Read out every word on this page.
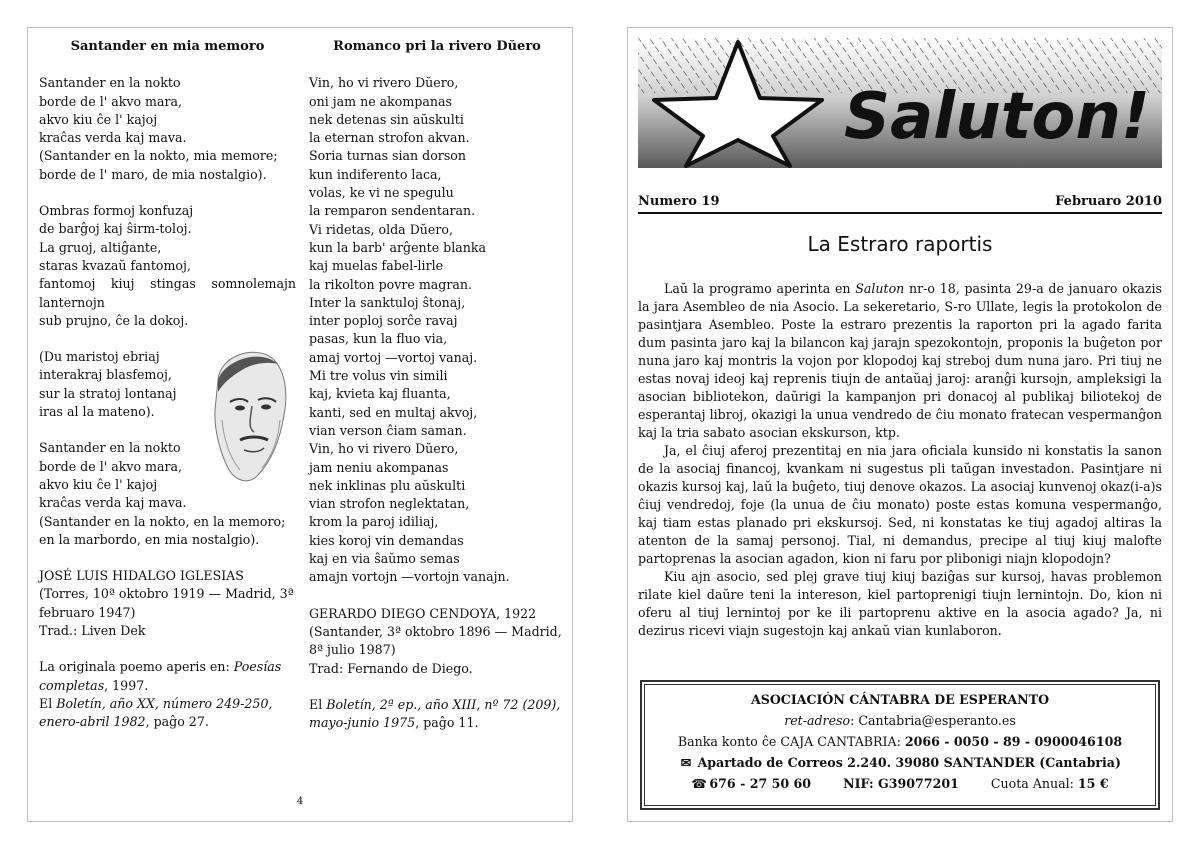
Santander en mia memoro
Santander en la nokto
borde de l' akvo mara,
akvo kiu ĉe l' kajoj
kraĉas verda kaj mava.
(Santander en la nokto, mia memore;
borde de l' maro, de mia nostalgio).
Ombras formoj konfuzaj
de barĝoj kaj ŝirm-toloj.
La gruoj, altiĝante,
staras kvazaŭ fantomoj,
fantomoj kiuj stingas somnolemajn lanternojn
sub prujno, ĉe la dokoj.
(Du maristoj ebriaj
interakraj blasfemoj,
sur la stratoj lontanaj
iras al la mateno).
Santander en la nokto
borde de l' akvo mara,
akvo kiu ĉe l' kajoj
kraĉas verda kaj mava.
(Santander en la nokto, en la memoro;
en la marbordo, en mia nostalgio).
JOSÉ LUIS HIDALGO IGLESIAS
(Torres, 10ª oktobro 1919 — Madrid, 3ª
februaro 1947)
Trad.: Liven Dek
La originala poemo aperis en: Poesías completas, 1997.
El Boletín, año XX, número 249-250, enero-abril 1982, paĝo 27.
Romanco pri la rivero Dŭero
Vin, ho vi rivero Dŭero,
oni jam ne akompanas
nek detenas sin aŭskulti
la eternan strofon akvan.
Soria turnas sian dorson
kun indiferento laca,
volas, ke vi ne spegulu
la remparon sendentaran.
Vi ridetas, olda Dŭero,
kun la barb' arĝente blanka
kaj muelas fabel-lirle
la rikolton povre magran.
Inter la sanktuloj ŝtonaj,
inter poploj sorĉe ravaj
pasas, kun la fluo via,
amaj vortoj —vortoj vanaj.
Mi tre volus vin simili
kaj, kvieta kaj fluanta,
kanti, sed en multaj akvoj,
vian verson ĉiam saman.
Vin, ho vi rivero Dŭero,
jam neniu akompanas
nek inklinas plu aŭskulti
vian strofon neglektatan,
krom la paroj idiliaj,
kies koroj vin demandas
kaj en via ŝaŭmo semas
amajn vortojn —vortojn vanajn.
GERARDO DIEGO CENDOYA, 1922
(Santander, 3ª oktobro 1896 — Madrid,
8ª julio 1987)
Trad: Fernando de Diego.
El Boletín, 2ª ep., año XIII, nº 72 (209), mayo-junio 1975, paĝo 11.
4
Saluton!
Numero 19	Februaro 2010
La Estraro raportis

Laŭ la programo aperinta en Saluton nr-o 18, pasinta 29-a de januaro okazis la jara Asembleo de nia Asocio. La sekeretario, S-ro Ullate, legis la protokolon de pasintjara Asembleo. Poste la estraro prezentis la raporton pri la agado farita dum pasinta jaro kaj la bilancon kaj jarajn spezokontojn, proponis la buĝeton por nuna jaro kaj montris la vojon por klopodoj kaj streboj dum nuna jaro. Pri tiuj ne estas novaj ideoj kaj reprenis tiujn de antaŭaj jaroj: aranĝi kursojn, ampleksigi la asocian bibliotekon, daŭrigi la kampanjon pri donacoj al publikaj biliotekoj de esperantaj libroj, okazigi la unua vendredo de ĉiu monato fratecan vespermanĝon kaj la tria sabato asocian ekskurson, ktp.

Ja, el ĉiuj aferoj prezentitaj en nia jara oficiala kunsido ni konstatis la sanon de la asociaj financoj, kvankam ni sugestus pli taŭgan investadon. Pasintjare ni okazis kursoj kaj, laŭ la buĝeto, tiuj denove okazos. La asociaj kunvenoj okaz(i-a)s ĉiuj vendredoj, foje (la unua de ĉiu monato) poste estas komuna vespermanĝo, kaj tiam estas planado pri ekskursoj. Sed, ni konstatas ke tiuj agadoj altiras la atenton de la samaj personoj. Tial, ni demandus, precipe al tiuj kiuj malofte partoprenas la asocian agadon, kion ni faru por plibonigi niajn klopodojn?

Kiu ajn asocio, sed plej grave tiuj kiuj baziĝas sur kursoj, havas problemon rilate kiel daŭre teni la intereson, kiel partoprenigi tiujn lernintojn. Do, kion ni oferu al tiuj lernintoj por ke ili partoprenu aktive en la asocia agado? Ja, ni dezirus ricevi viajn sugestojn kaj ankaŭ vian kunlaboron.

ASOCIACIÓN CÁNTABRA DE ESPERANTO
ret-adreso: Cantabria@esperanto.es
Banka konto ĉe CAJA CANTABRIA: 2066 - 0050 - 89 - 0900046108
✉ Apartado de Correos 2.240. 39080 SANTANDER (Cantabria)
☎ 676 - 27 50 60	NIF: G39077201	Cuota Anual: 15 €
